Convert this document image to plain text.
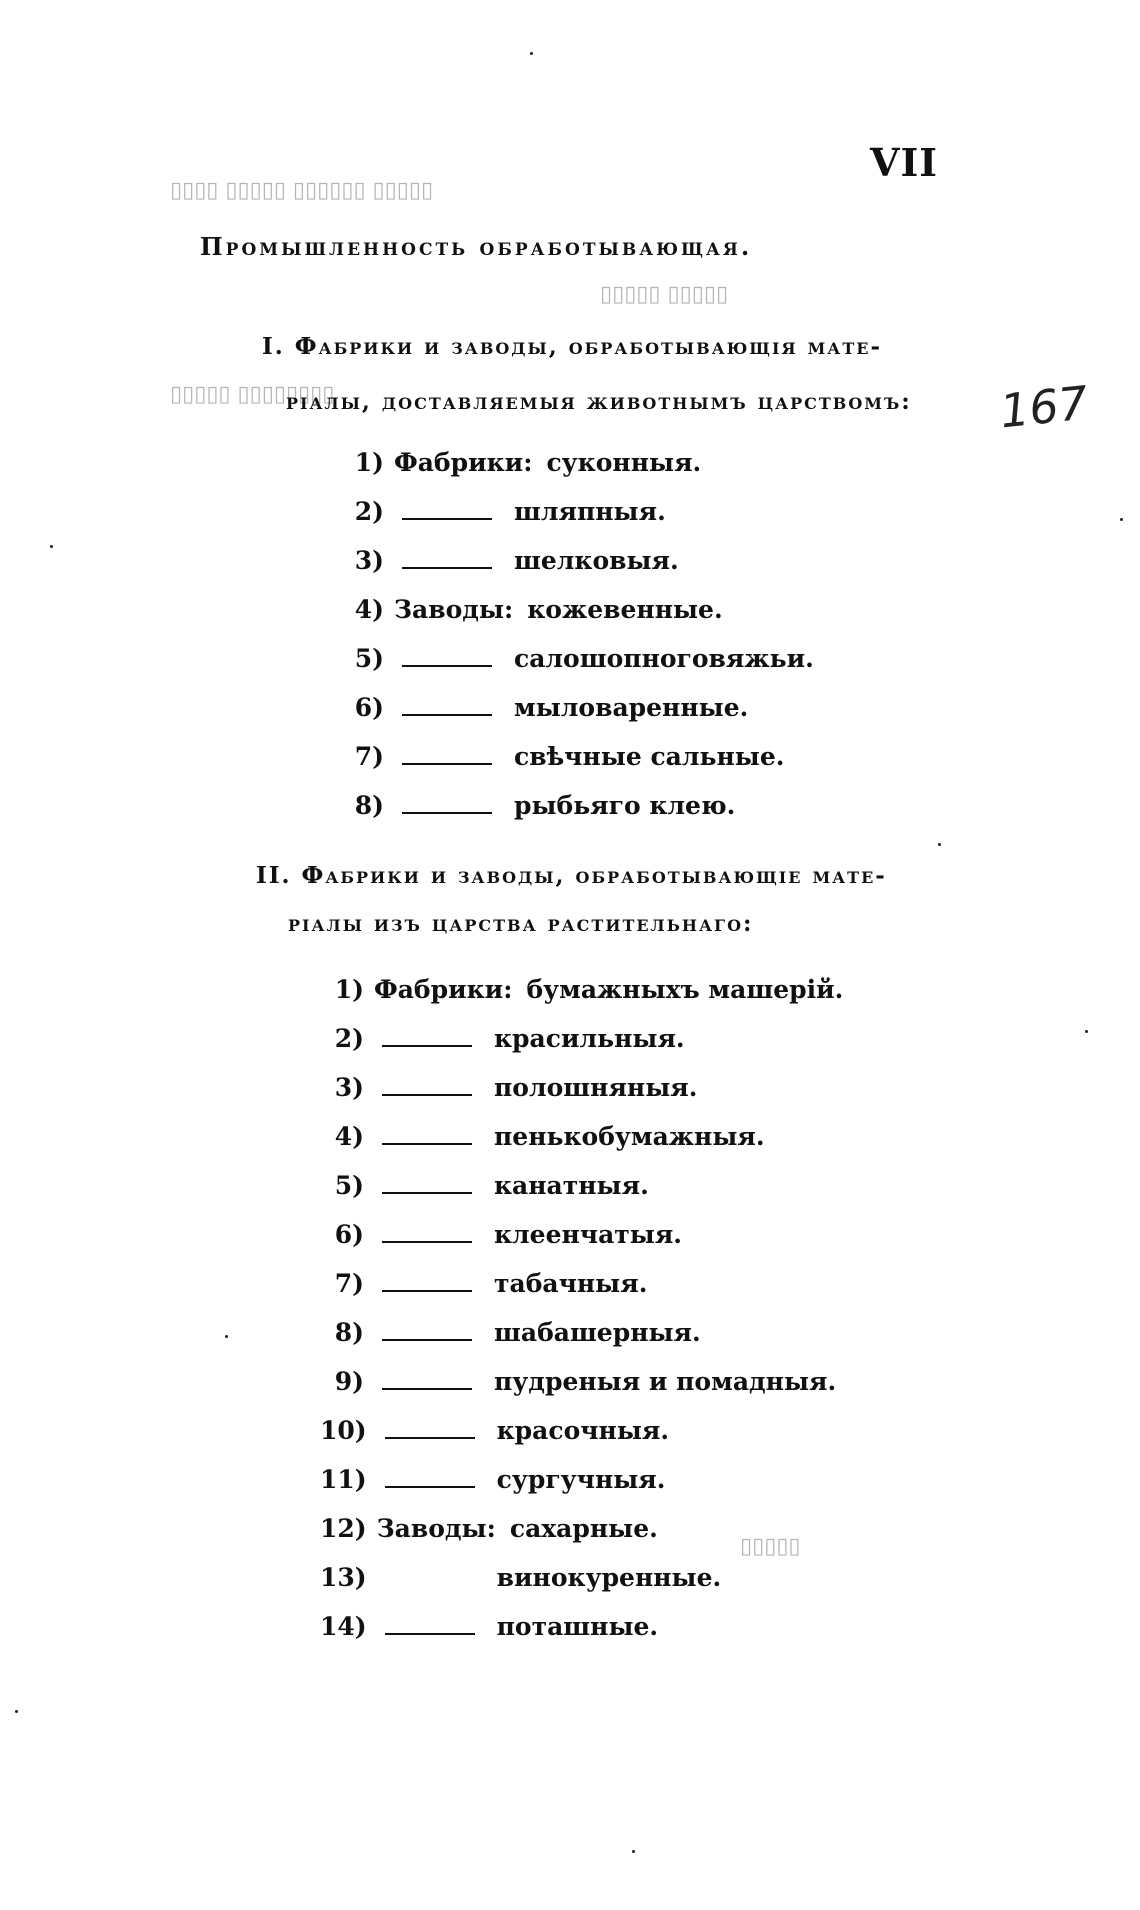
▯▯▯▯▯ ▯▯▯▯▯▯ ▯▯▯▯▯ ▯▯▯▯
▯▯▯▯▯ ▯▯▯▯▯
▯▯▯▯▯▯▯▯ ▯▯▯▯▯
▯▯▯▯▯
VII
167
Промышленность обработывающая.
I. Фабрики и заводы, обработывающія мате-
ріалы, доставляемыя животнымъ царствомъ:
1) Фабрики: суконныя.
2)	шляпныя.
3)	шелковыя.
4) Заводы: кожевенные.
5)	салошопноговяжьи.
6)	мыловаренные.
7)	свѣчные сальные.
8)	рыбьяго клею.
II. Фабрики и заводы, обработывающіе мате-
ріалы изъ царства растительнаго:
1) Фабрики: бумажныхъ машерій.
2)	красильныя.
3)	полошняныя.
4)	пенькобумажныя.
5)	канатныя.
6)	клеенчатыя.
7)	табачныя.
8)	шабашерныя.
9)	пудреныя и помадныя.
10)	красочныя.
11)	сургучныя.
12) Заводы: сахарные.
13)	винокуренные.
14)	поташные.
